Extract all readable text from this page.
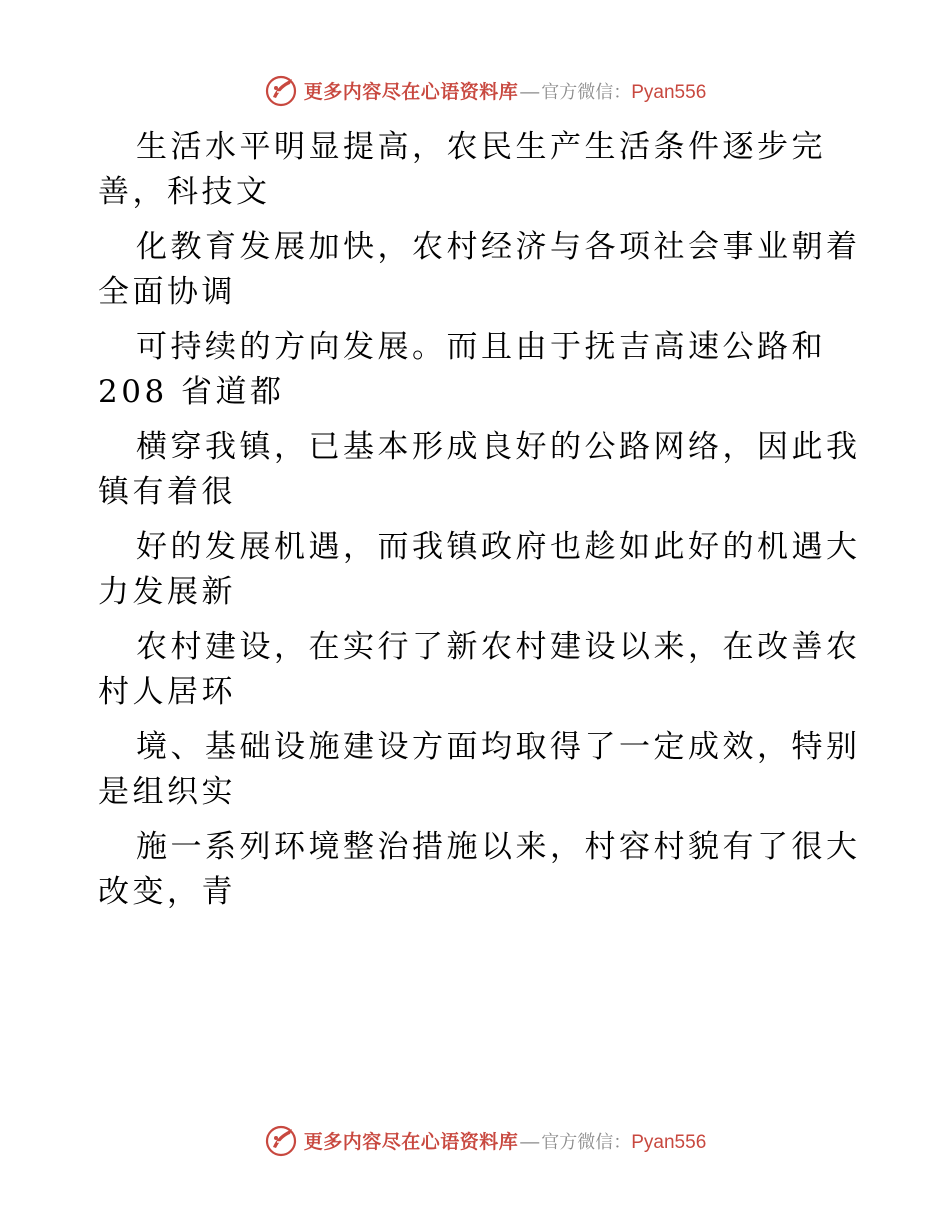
更多内容尽在心语资料库 — 官方微信： Pyan556
生活水平明显提高，农民生产生活条件逐步完
善，科技文
化教育发展加快，农村经济与各项社会事业朝着
全面协调
可持续的方向发展。而且由于抚吉高速公路和
208 省道都
横穿我镇，已基本形成良好的公路网络，因此我
镇有着很
好的发展机遇，而我镇政府也趁如此好的机遇大
力发展新
农村建设，在实行了新农村建设以来，在改善农
村人居环
境、基础设施建设方面均取得了一定成效，特别
是组织实
施一系列环境整治措施以来，村容村貌有了很大
改变，青
更多内容尽在心语资料库 — 官方微信： Pyan556
